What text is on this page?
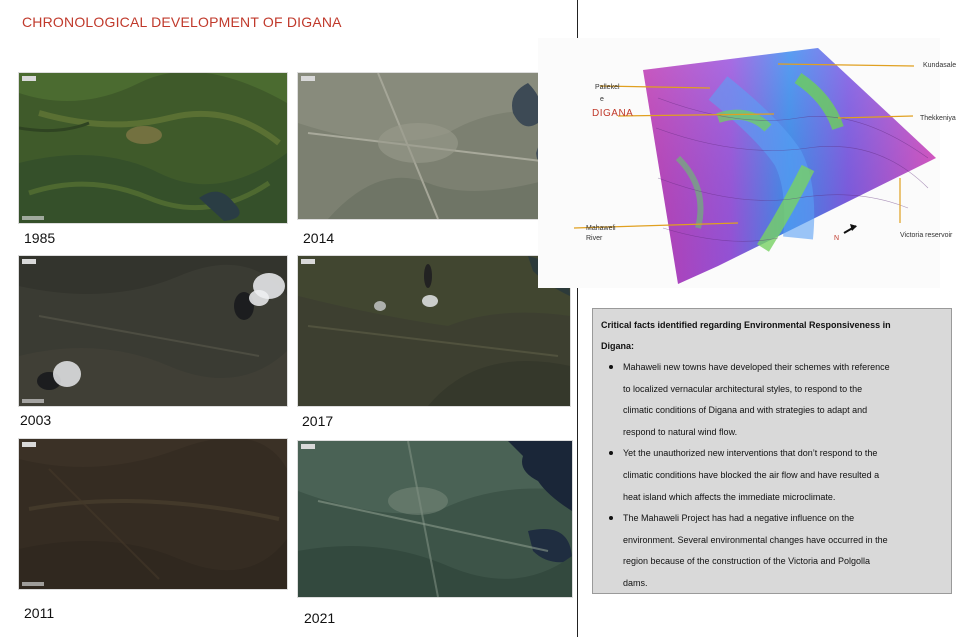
CHRONOLOGICAL DEVELOPMENT OF DIGANA
1985	2014
2003	2017
2011	2021
Kundasale
Pallekel
e
DIGANA	Thekkeniya
Mahaweli
River	N	Victoria reservoir
Critical facts identified regarding Environmental Responsiveness in
Digana:
Mahaweli new towns have developed their schemes with reference
to localized vernacular architectural styles, to respond to the
climatic conditions of Digana and with strategies to adapt and
respond to natural wind flow.
Yet the unauthorized new interventions that don’t respond to the
climatic conditions have blocked the air flow and have resulted a
heat island which affects the immediate microclimate.
The Mahaweli Project has had a negative influence on the
environment. Several environmental changes have occurred in the
region because of the construction of the Victoria and Polgolla
dams.
